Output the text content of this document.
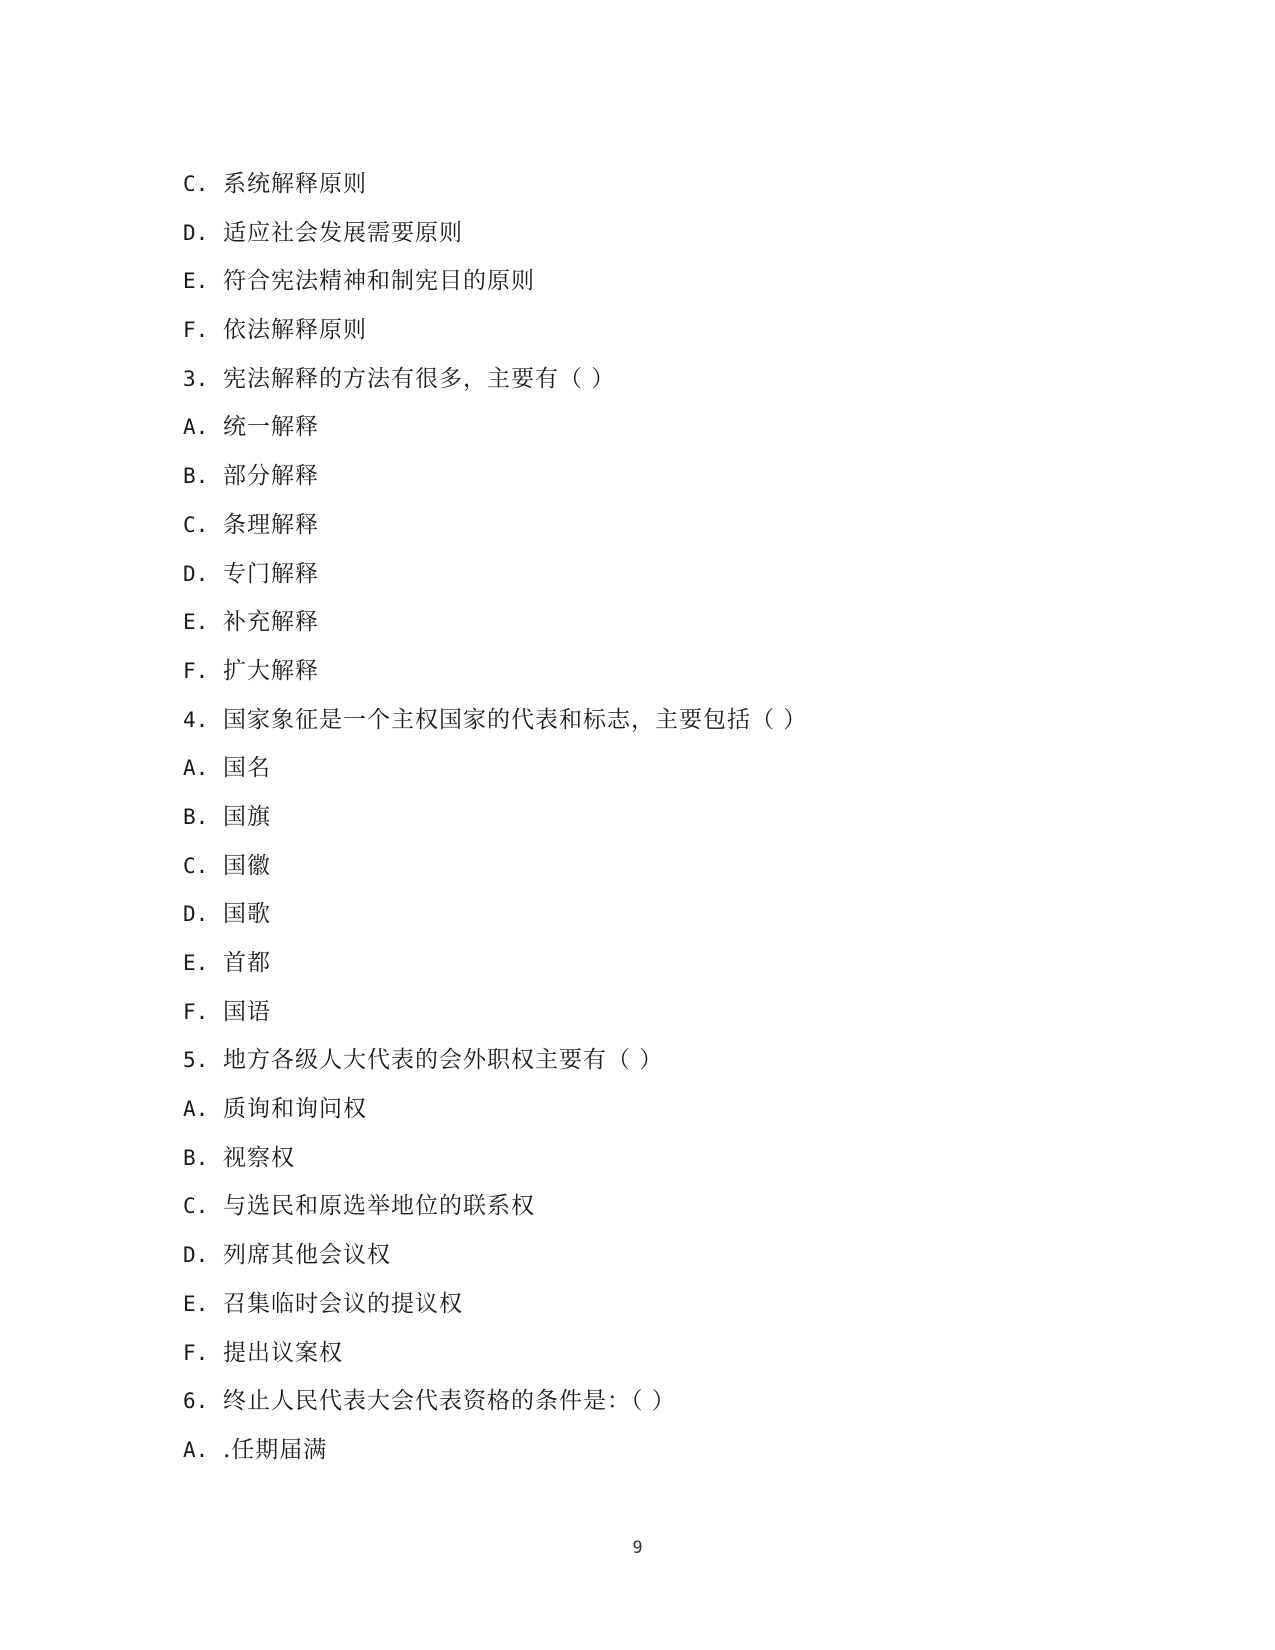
C. 系统解释原则
D. 适应社会发展需要原则
E. 符合宪法精神和制宪目的原则
F. 依法解释原则
3. 宪法解释的方法有很多，主要有（ ）
A. 统一解释
B. 部分解释
C. 条理解释
D. 专门解释
E. 补充解释
F. 扩大解释
4. 国家象征是一个主权国家的代表和标志，主要包括（ ）
A. 国名
B. 国旗
C. 国徽
D. 国歌
E. 首都
F. 国语
5. 地方各级人大代表的会外职权主要有（ ）
A. 质询和询问权
B. 视察权
C. 与选民和原选举地位的联系权
D. 列席其他会议权
E. 召集临时会议的提议权
F. 提出议案权
6. 终止人民代表大会代表资格的条件是：（ ）
A. .任期届满
9
